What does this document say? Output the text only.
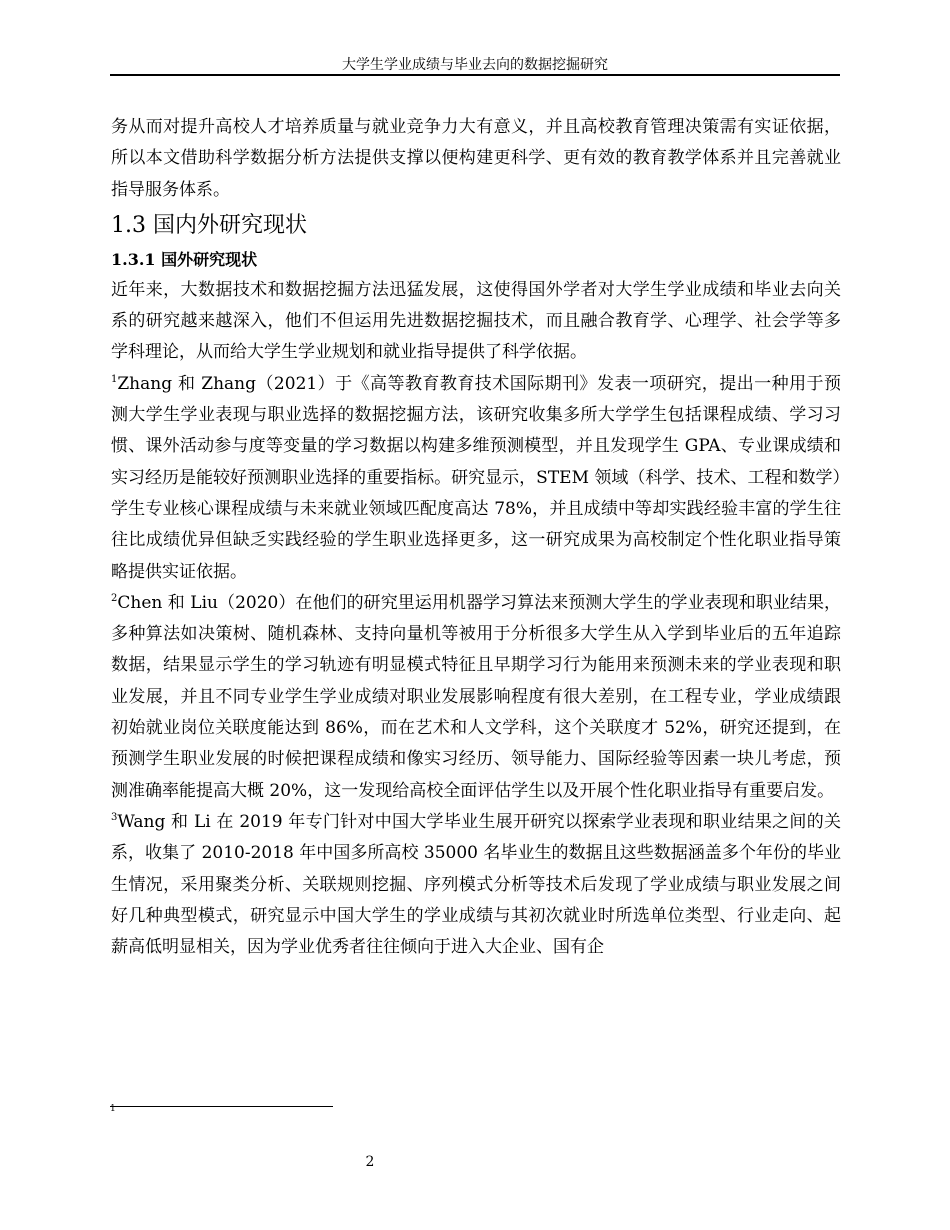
大学生学业成绩与毕业去向的数据挖掘研究

务从而对提升高校人才培养质量与就业竞争力大有意义，并且高校教育管理决策需有实证依据，所以本文借助科学数据分析方法提供支撑以便构建更科学、更有效的教育教学体系并且完善就业指导服务体系。

1.3 国内外研究现状
1.3.1 国外研究现状

近年来，大数据技术和数据挖掘方法迅猛发展，这使得国外学者对大学生学业成绩和毕业去向关系的研究越来越深入，他们不但运用先进数据挖掘技术，而且融合教育学、心理学、社会学等多学科理论，从而给大学生学业规划和就业指导提供了科学依据。

$^1$Zhang 和 Zhang（2021）于《高等教育教育技术国际期刊》发表一项研究，提出一种用于预测大学生学业表现与职业选择的数据挖掘方法，该研究收集多所大学学生包括课程成绩、学习习惯、课外活动参与度等变量的学习数据以构建多维预测模型，并且发现学生 GPA、专业课成绩和实习经历是能较好预测职业选择的重要指标。研究显示，STEM 领域（科学、技术、工程和数学）学生专业核心课程成绩与未来就业领域匹配度高达 78%，并且成绩中等却实践经验丰富的学生往往比成绩优异但缺乏实践经验的学生职业选择更多，这一研究成果为高校制定个性化职业指导策略提供实证依据。

$^2$Chen 和 Liu（2020）在他们的研究里运用机器学习算法来预测大学生的学业表现和职业结果，多种算法如决策树、随机森林、支持向量机等被用于分析很多大学生从入学到毕业后的五年追踪数据，结果显示学生的学习轨迹有明显模式特征且早期学习行为能用来预测未来的学业表现和职业发展，并且不同专业学生学业成绩对职业发展影响程度有很大差别，在工程专业，学业成绩跟初始就业岗位关联度能达到 86%，而在艺术和人文学科，这个关联度才 52%，研究还提到，在预测学生职业发展的时候把课程成绩和像实习经历、领导能力、国际经验等因素一块儿考虑，预测准确率能提高大概 20%，这一发现给高校全面评估学生以及开展个性化职业指导有重要启发。

$^3$Wang 和 Li 在 2019 年专门针对中国大学毕业生展开研究以探索学业表现和职业结果之间的关系，收集了 2010-2018 年中国多所高校 35000 名毕业生的数据且这些数据涵盖多个年份的毕业生情况，采用聚类分析、关联规则挖掘、序列模式分析等技术后发现了学业成绩与职业发展之间好几种典型模式，研究显示中国大学生的学业成绩与其初次就业时所选单位类型、行业走向、起薪高低明显相关，因为学业优秀者往往倾向于进入大企业、国有企

1
2
